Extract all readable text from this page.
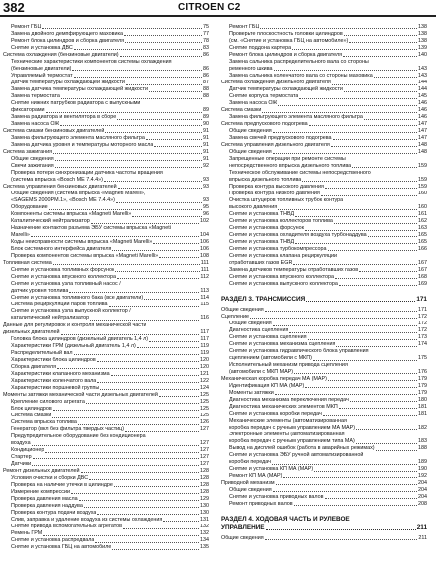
382	CITROEN C2
Ремонт ГБЦ	75
Замена двойного демпфирующего маховика	77
Ремонт блока цилиндров и сборка двигателя	78
Снятие и установка ДВС	83
Система охлаждения (бензиновые двигатели)	86
Технические характеристики компонентов системы охлаждения
(бензиновые двигатели)	86
Управляемый термостат	86
Датчик температуры охлаждающей жидкости	87
Замена датчика температуры охлаждающей жидкости	88
Замена термостата	88
Снятие нижних патрубков радиатора с выпускными
фиксаторами	89
Замена радиатора и вентилятора в сборе	89
Замена насоса ОЖ	90
Система смазки бензиновых двигателей	91
Замена фильтрующего элемента масляного фильтра	91
Замена датчика уровня и температуры моторного масла	91
Система зажигания	91
Общие сведения	91
Свечи зажигания	92
Проверка потери синхронизации датчика частоты вращения
(система впрыска «Bosch ME 7.4.4»)	93
Система управления бензиновых двигателей	93
Общие сведения (система впрыска «Magneti Marelli»,
«SAGEMS 2000PM.1», «Bosch ME 7.4.4»)	93
Оборудование	95
Компоненты системы впрыска «Magneti Marelli»	96
Каталитический нейтрализатор	102
Назначение контактов разъема ЭБУ системы впрыска «Magneti
Marelli»	104
Коды неисправности системы впрыска «Magneti Marelli»	106
Блок системного интерфейса двигателя	106
Проверка компонентов системы впрыска «Magneti Marelli»	108
Топливная система	111
Снятие и установка топливных форсунок	111
Снятие и установка впускного коллектора	112
Снятие и установка узла топливный насос /
датчик уровня топлива	113
Снятие и установка топливного бака (все двигатели)	114
Система рециркуляции паров топлива	115
Снятие и установка узла выпускной коллектор /
каталитический нейтрализатор	116
Данные для регулировок и контроля механической части
дизельных двигателей	117
Головка блока цилиндров (дизельный двигатель 1,4 л)	117
Характеристики ГРМ (дизельный двигатель 1,4 л)	119
Распределительный вал	119
Характеристики блока цилиндров	120
Сборка двигателя	120
Характеристики клапанного механизма	121
Характеристики коленчатого вала	122
Характеристики поршневой группы	124
Моменты затяжки механической части дизельных двигателей	125
Крепление силового агрегата	125
Блок цилиндров	125
Система смазки	125
Система впрыска топлива	126
Генератор (вкл без фильтра твердых частиц)	127
Предупредительное оборудование без кондиционера
воздуха	127
Кондиционер	127
Стартер	127
Датчики	127
Ремонт дизельных двигателей	128
Условия очистки и сборки ДВС	128
Проверка на наличие утечки в цилиндре	128
Измерение компрессии	128
Проверка давления масла	129
Проверка давления наддува	130
Проверка контура подачи воздуха	130
Слив, заправка и удаление воздуха из системы охлаждения	131
Снятие привода вспомогательных агрегатов	132
Ремень ГРМ	132
Снятие и установка распредвала	134
Снятие и установка ГБЦ на автомобиле	135
Ремонт ГБЦ	138
Проверьте плоскостность головки цилиндров	138
(см. «Снятие и установка ГБЦ на автомобиле»)	138
Снятие поддона картера	139
Ремонт блока цилиндров и сборка двигателя	140
Замена сальника распределительного вала со стороны
ременного шкива	143
Замена сальника коленчатого вала со стороны маховика	143
Система охлаждения дизельного двигателя	144
Датчик температуры охлаждающей жидкости	144
Снятие корпуса термостата	145
Замена насоса ОЖ	146
Система смазки	146
Замена фильтрующего элемента масляного фильтра	146
Система предпускового подогрева	147
Общие сведения	147
Замена свечей предпускового подогрева	147
Система управления дизельного двигателя	148
Общие сведения	148
Запрещенные операции при ремонте системы
непосредственного впрыска дизельного топлива	159
Техническое обслуживание системы непосредственного
впрыска дизельного топлива	159
Проверка контура высокого давления	159
Проверка контура низкого давления	160
Очистка штуцеров топливных трубок контура
высокого давления	160
Снятие и установка ТНВД	161
Снятие и установка коллекторов топлива	162
Снятие и установка форсунок	163
Снятие и установка охладителя воздуха турбонаддува	165
Снятие и установка ТНВД	165
Снятие и установка турбокомпрессора	166
Снятие и установка клапана рециркуляции
отработавших газов EGR	167
Замена датчиков температуры отработавших газов	167
Снятие и установка впускного коллектора	168
Снятие и установка выпускного коллектора	169
РАЗДЕЛ 3. ТРАНСМИССИЯ	171
Общие сведения	171
Сцепление	172
Общие сведения	172
Диагностика сцепления	172
Снятие и установка сцепления	173
Снятие и установка механизма сцепления	174
Снятие и установка гидравлического блока управления
сцеплением (автомобили с МКП)	175
Исполнительный механизм привода сцепления
(автомобили с МКП МАР)	176
Механическая коробка передач МА (МАР)	179
Идентификация КП МА (МАР)	179
Моменты затяжки	179
Диагностика механизма переключения передач	180
Диагностика механических элементов МКП	181
Снятие и установка коробки передач	181
Механические элементы (автоматизированная
коробка передач с ручным управлением МА МАР)	182
Электронные элементы (автоматизированная
коробка передач с ручным управлением типа МА)	183
Вывод на дисплей ошибок (работа в аварийных режимах)	188
Снятие и установка ЭБУ ручной автоматизированной
коробки передач	189
Снятие и установка КП МА (МАР)	190
Ремонт КП МА (МАР)	192
Приводной механизм	204
Общие сведения	204
Снятие и установка приводных валов	204
Ремонт приводных валов	208
РАЗДЕЛ 4. ХОДОВАЯ ЧАСТЬ И РУЛЕВОЕ
УПРАВЛЕНИЕ	211
Общие сведения	211
